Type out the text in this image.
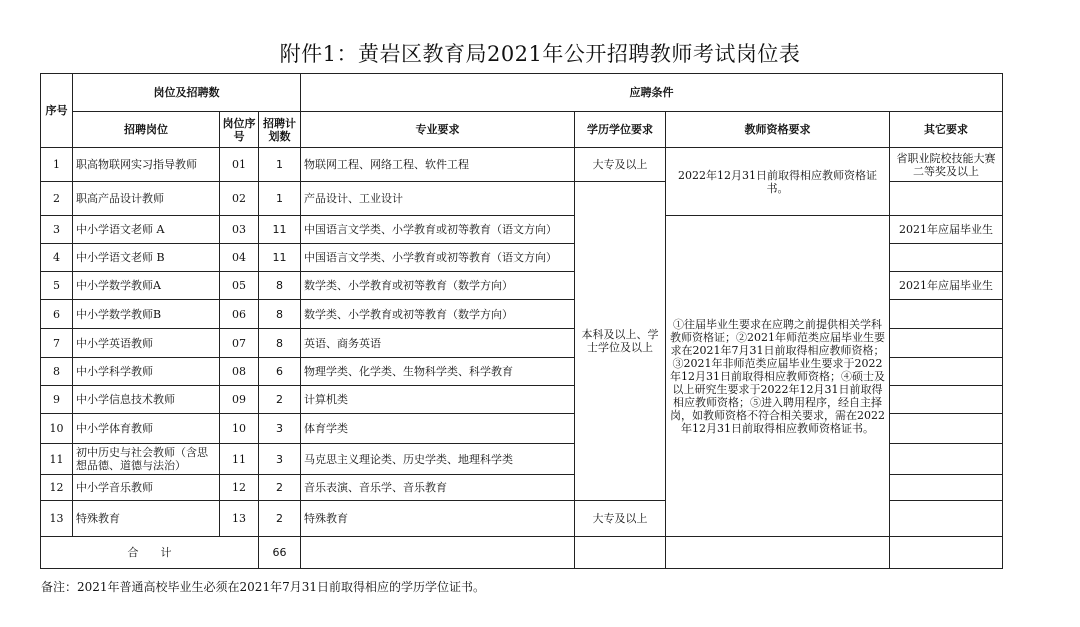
附件1：黄岩区教育局2021年公开招聘教师考试岗位表
序号	岗位及招聘数			应聘条件				
	招聘岗位	岗位序号	招聘计划数	专业要求	学历学位要求	教师资格要求	其它要求	
1	职高物联网实习指导教师	01	1	物联网工程、网络工程、软件工程	大专及以上	2022年12月31日前取得相应教师资格证书。	省职业院校技能大赛二等奖及以上	
2	职高产品设计教师	02	1	产品设计、工业设计	本科及以上、学士学位及以上			
3	中小学语文老师 A	03	11	中国语言文学类、小学教育或初等教育（语文方向）		①往届毕业生要求在应聘之前提供相关学科教师资格证；②2021年师范类应届毕业生要求在2021年7月31日前取得相应教师资格；③2021年非师范类应届毕业生要求于2022年12月31日前取得相应教师资格；④硕士及以上研究生要求于2022年12月31日前取得相应教师资格；⑤进入聘用程序，经自主择岗，如教师资格不符合相关要求，需在2022年12月31日前取得相应教师资格证书。	2021年应届毕业生	
4	中小学语文老师 B	04	11	中国语言文学类、小学教育或初等教育（语文方向）				
5	中小学数学教师A	05	8	数学类、小学教育或初等教育（数学方向）			2021年应届毕业生	
6	中小学数学教师B	06	8	数学类、小学教育或初等教育（数学方向）				
7	中小学英语教师	07	8	英语、商务英语				
8	中小学科学教师	08	6	物理学类、化学类、生物科学类、科学教育				
9	中小学信息技术教师	09	2	计算机类				
10	中小学体育教师	10	3	体育学类				
11	初中历史与社会教师（含思想品德、道德与法治）	11	3	马克思主义理论类、历史学类、地理科学类				
12	中小学音乐教师	12	2	音乐表演、音乐学、音乐教育				
13	特殊教育	13	2	特殊教育	大专及以上			
合　　计			66					
备注：2021年普通高校毕业生必须在2021年7月31日前取得相应的学历学位证书。
